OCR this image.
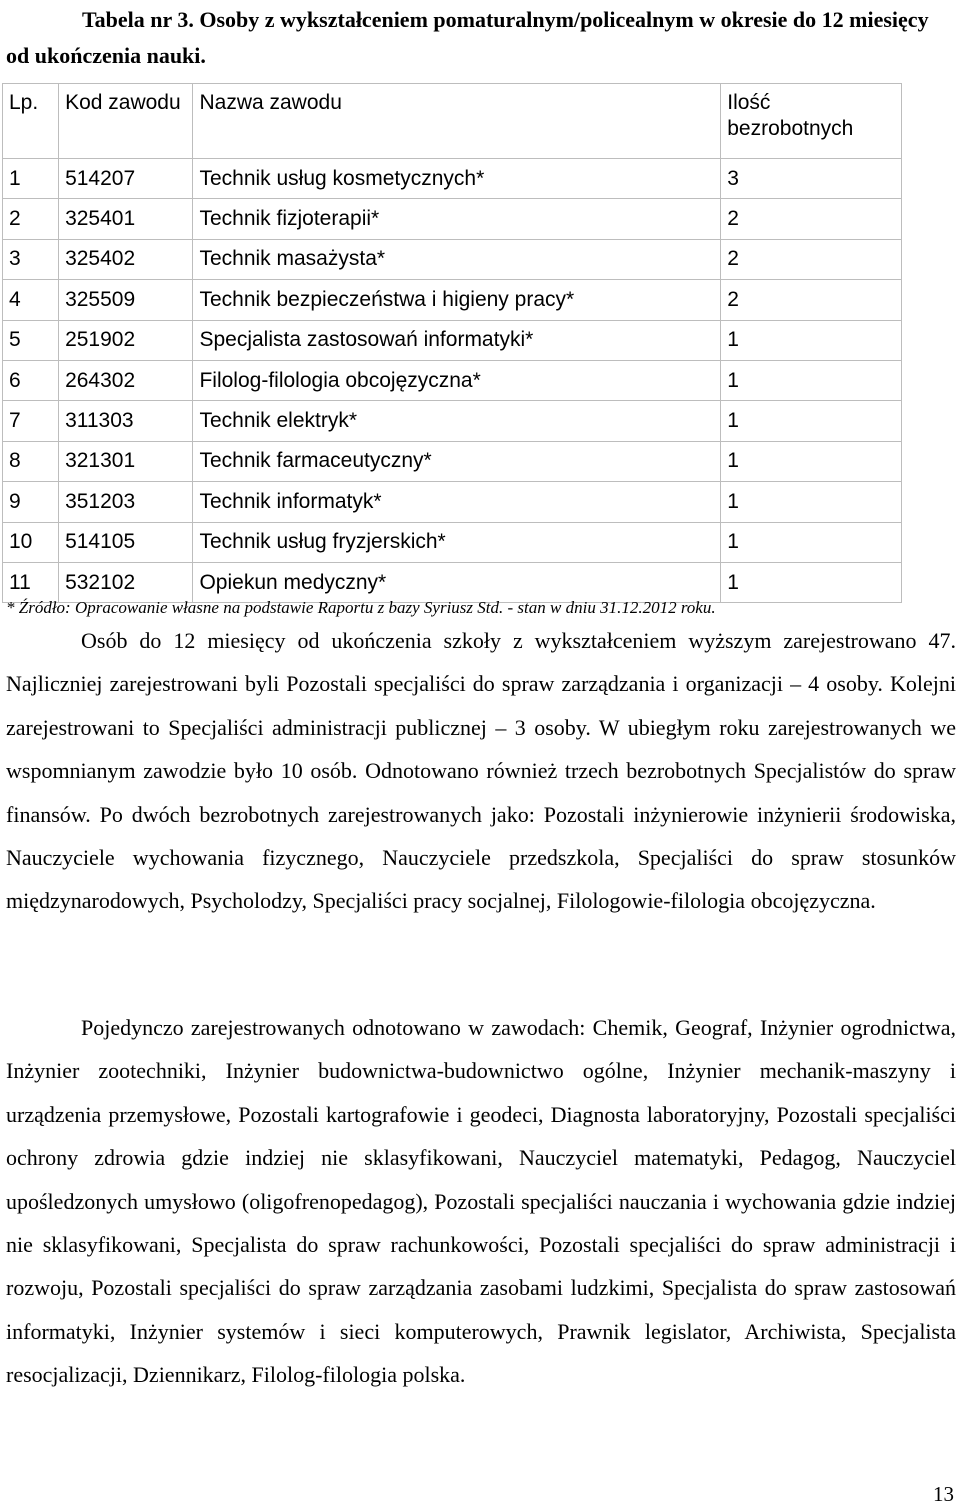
Tabela nr 3. Osoby z wykształceniem pomaturalnym/policealnym w okresie do 12 miesięcy od ukończenia nauki.

Lp.	Kod zawodu	Nazwa zawodu	Ilość bezrobotnych
1	514207	Technik usług kosmetycznych*	3
2	325401	Technik fizjoterapii*	2
3	325402	Technik masażysta*	2
4	325509	Technik bezpieczeństwa i higieny pracy*	2
5	251902	Specjalista zastosowań informatyki*	1
6	264302	Filolog-filologia obcojęzyczna*	1
7	311303	Technik elektryk*	1
8	321301	Technik farmaceutyczny*	1
9	351203	Technik informatyk*	1
10	514105	Technik usług fryzjerskich*	1
11	532102	Opiekun medyczny*	1

* Źródło: Opracowanie własne na podstawie Raportu z bazy Syriusz Std. - stan w dniu 31.12.2012 roku.

Osób do 12 miesięcy od ukończenia szkoły z wykształceniem wyższym zarejestrowano 47. Najliczniej zarejestrowani byli Pozostali specjaliści do spraw zarządzania i organizacji – 4 osoby. Kolejni zarejestrowani to Specjaliści administracji publicznej – 3 osoby. W ubiegłym roku zarejestrowanych we wspomnianym zawodzie było 10 osób. Odnotowano również trzech bezrobotnych Specjalistów do spraw finansów. Po dwóch bezrobotnych zarejestrowanych jako: Pozostali inżynierowie inżynierii środowiska, Nauczyciele wychowania fizycznego, Nauczyciele przedszkola, Specjaliści do spraw stosunków międzynarodowych, Psycholodzy, Specjaliści pracy socjalnej, Filologowie-filologia obcojęzyczna.

Pojedynczo zarejestrowanych odnotowano w zawodach: Chemik, Geograf, Inżynier ogrodnictwa, Inżynier zootechniki, Inżynier budownictwa-budownictwo ogólne, Inżynier mechanik-maszyny i urządzenia przemysłowe, Pozostali kartografowie i geodeci, Diagnosta laboratoryjny, Pozostali specjaliści ochrony zdrowia gdzie indziej nie sklasyfikowani, Nauczyciel matematyki, Pedagog, Nauczyciel upośledzonych umysłowo (oligofrenopedagog), Pozostali specjaliści nauczania i wychowania gdzie indziej nie sklasyfikowani, Specjalista do spraw rachunkowości, Pozostali specjaliści do spraw administracji i rozwoju, Pozostali specjaliści do spraw zarządzania zasobami ludzkimi, Specjalista do spraw zastosowań informatyki, Inżynier systemów i sieci komputerowych, Prawnik legislator, Archiwista, Specjalista resocjalizacji, Dziennikarz, Filolog-filologia polska.

13
